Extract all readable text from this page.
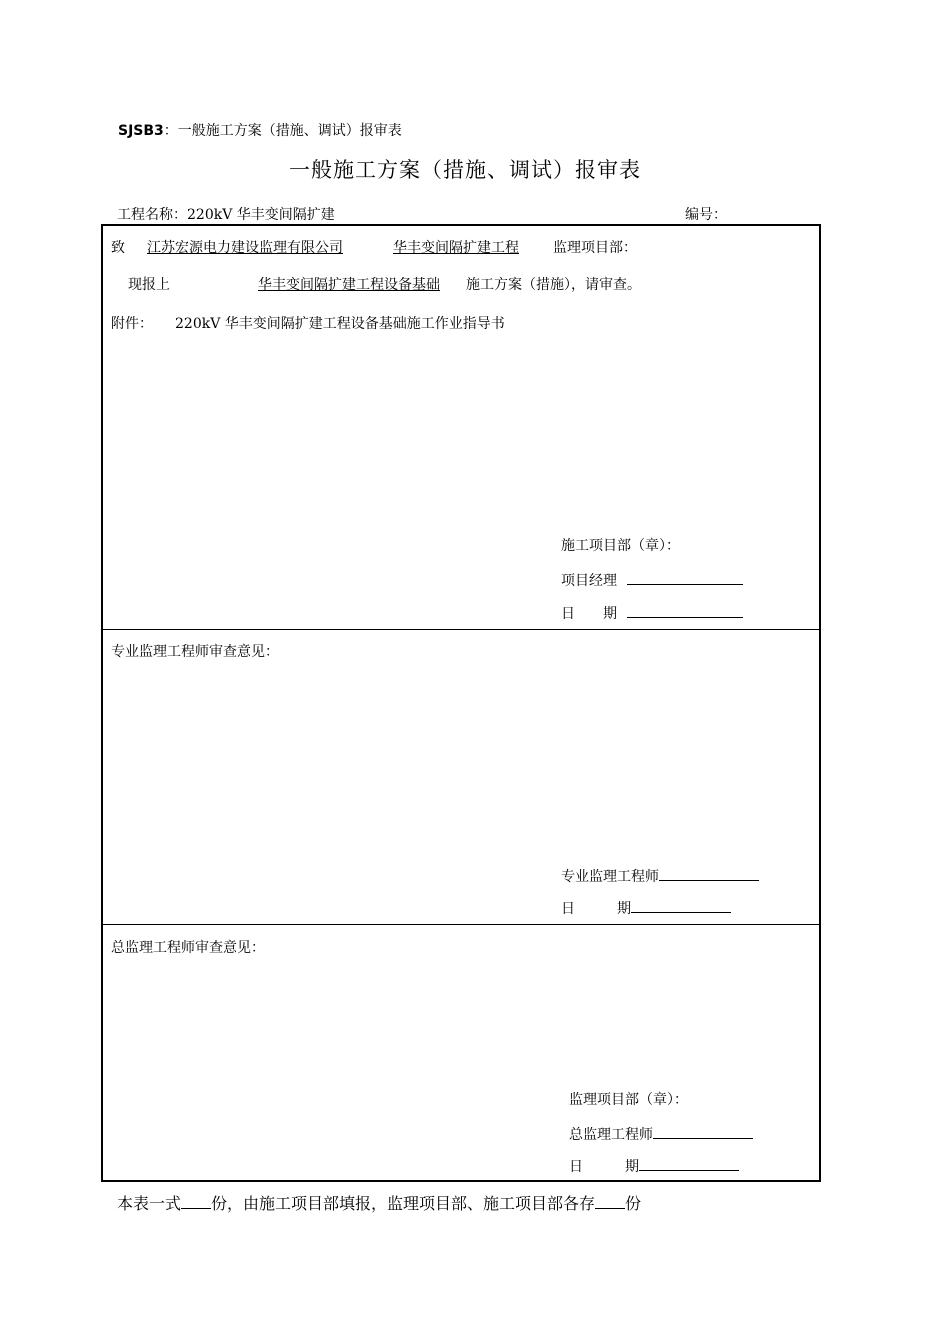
SJSB3：一般施工方案（措施、调试）报审表
一般施工方案（措施、调试）报审表
工程名称：220kV 华丰变间隔扩建	编号：
致 江苏宏源电力建设监理有限公司	华丰变间隔扩建工程 监理项目部：
现报上	华丰变间隔扩建工程设备基础 施工方案（措施），请审查。
附件： 220kV 华丰变间隔扩建工程设备基础施工作业指导书
施工项目部（章）：
项目经理
日　　期
专业监理工程师审查意见：
专业监理工程师
日　　　期
总监理工程师审查意见：
监理项目部（章）：
总监理工程师
日　　　期
本表一式 份，由施工项目部填报，监理项目部、施工项目部各存 份
